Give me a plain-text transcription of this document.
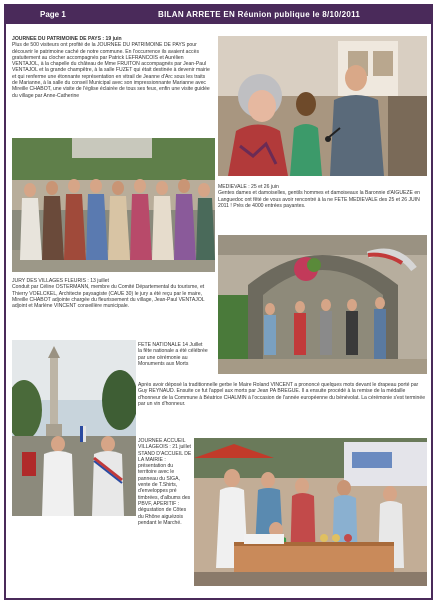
Page 1	BILAN ARRETE EN Réunion publique le 8/10/2011

JOURNEE DU PATRIMOINE DE PAYS : 19 juin

Plus de 500 visiteurs ont profité de la JOURNEE DU PATRIMOINE DE PAYS pour découvrir le patrimoine caché de notre commune. En l'occurrence ils avaient accès gratuitement au clocher accompagnés par Patrick LEFRANCOIS et Aurélien VENTAJOL, à la chapelle du château de Mme FRUITON accompagnés par Jean-Paul VENTAJOL et la grande champêtre, à la salle FUZET qui était destinée à devenir mairie et qui renferme une étonnante représentation en vitrail de Jeanne d'Arc sous les traits de Marianne, à la salle du conseil Municipal avec son impressionnante Marianne avec Mireille CHABOT, une visite de l'église éclairée de tous ses feux, enfin une visite guidée du village par Anne-Catherine

MEDIEVALE : 25 et 26 juin

Gentes dames et damoiselles, gentils hommes et damoiseaux la Baronnie d'AIGUEZE en Languedoc ont fêté de vous avoir rencontré à la ne FETE MEDIEVALE des 25 et 26 JUIN 2011 ! Près de 4000 entrées payantes.

JURY DES VILLAGES FLEURIS : 13 juillet

Conduit par Céline OSTERMANN, membre du Comité Départemental du tourisme, et Thierry VOELCKEL, Architecte paysagiste (CAUE 30) le jury a été reçu par le maire, Mireille CHABOT adjointe chargée du fleurissement du village, Jean-Paul VENTAJOL adjoint et Marlène VINCENT conseillère municipale.

FETE NATIONALE 14 Juillet

la fête nationale a été célébrée par une cérémonie au Monuments aux Morts

Après avoir déposé la traditionnelle gerbe le Maire Roland VINCENT a prononcé quelques mots devant le drapeau porté par Guy REYNAUD. Ensuite ce fut l'appel aux morts par Jean PA BREGUE. Il a ensuite procédé à la remise de la médaille d'honneur de la Commune à Béatrice CHALMIN à l'occasion de l'année européenne du bénévolat. La cérémonie s'est terminée par un vin d'honneur.

JOURNEE ACCUEIL VILLAGEOIS : 21 juillet

STAND D'ACCUEIL DE LA MAIRIE : présentation du territoire avec le panneau du SIGA, vente de T.Shirts, d'enveloppes pré timbrées, d'albums des PBVF, APERITIF : dégustation de Côtes du Rhône aiguézois pendant le Marché.
